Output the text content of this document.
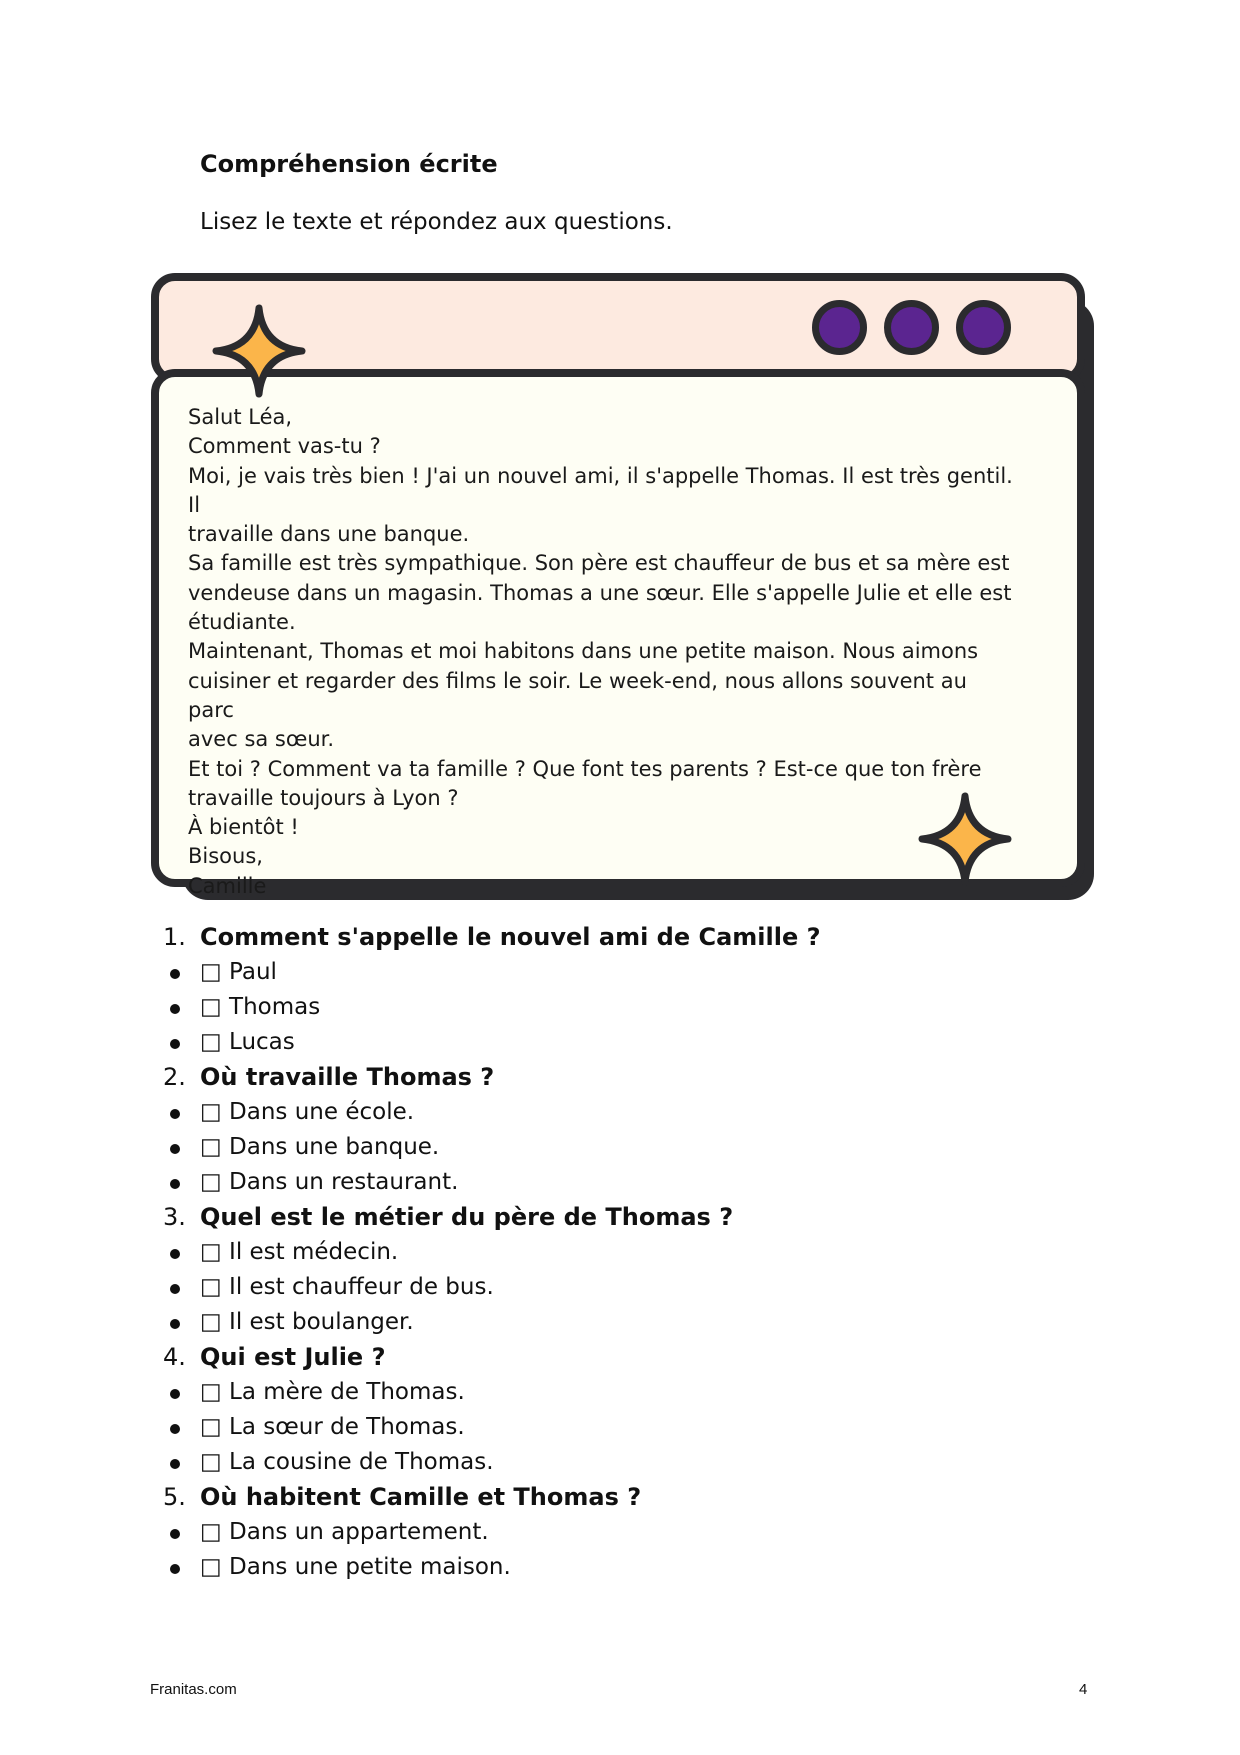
Compréhension écrite
Lisez le texte et répondez aux questions.
Salut Léa,
Comment vas-tu ?
Moi, je vais très bien ! J'ai un nouvel ami, il s'appelle Thomas. Il est très gentil. Il
travaille dans une banque.
Sa famille est très sympathique. Son père est chauffeur de bus et sa mère est
vendeuse dans un magasin. Thomas a une sœur. Elle s'appelle Julie et elle est
étudiante.
Maintenant, Thomas et moi habitons dans une petite maison. Nous aimons
cuisiner et regarder des films le soir. Le week-end, nous allons souvent au parc
avec sa sœur.
Et toi ? Comment va ta famille ? Que font tes parents ? Est-ce que ton frère
travaille toujours à Lyon ?
À bientôt !
Bisous,
Camille
1. Comment s'appelle le nouvel ami de Camille ?
□ Paul
□ Thomas
□ Lucas
2. Où travaille Thomas ?
□ Dans une école.
□ Dans une banque.
□ Dans un restaurant.
3. Quel est le métier du père de Thomas ?
□ Il est médecin.
□ Il est chauffeur de bus.
□ Il est boulanger.
4. Qui est Julie ?
□ La mère de Thomas.
□ La sœur de Thomas.
□ La cousine de Thomas.
5. Où habitent Camille et Thomas ?
□ Dans un appartement.
□ Dans une petite maison.
Franitas.com	4
